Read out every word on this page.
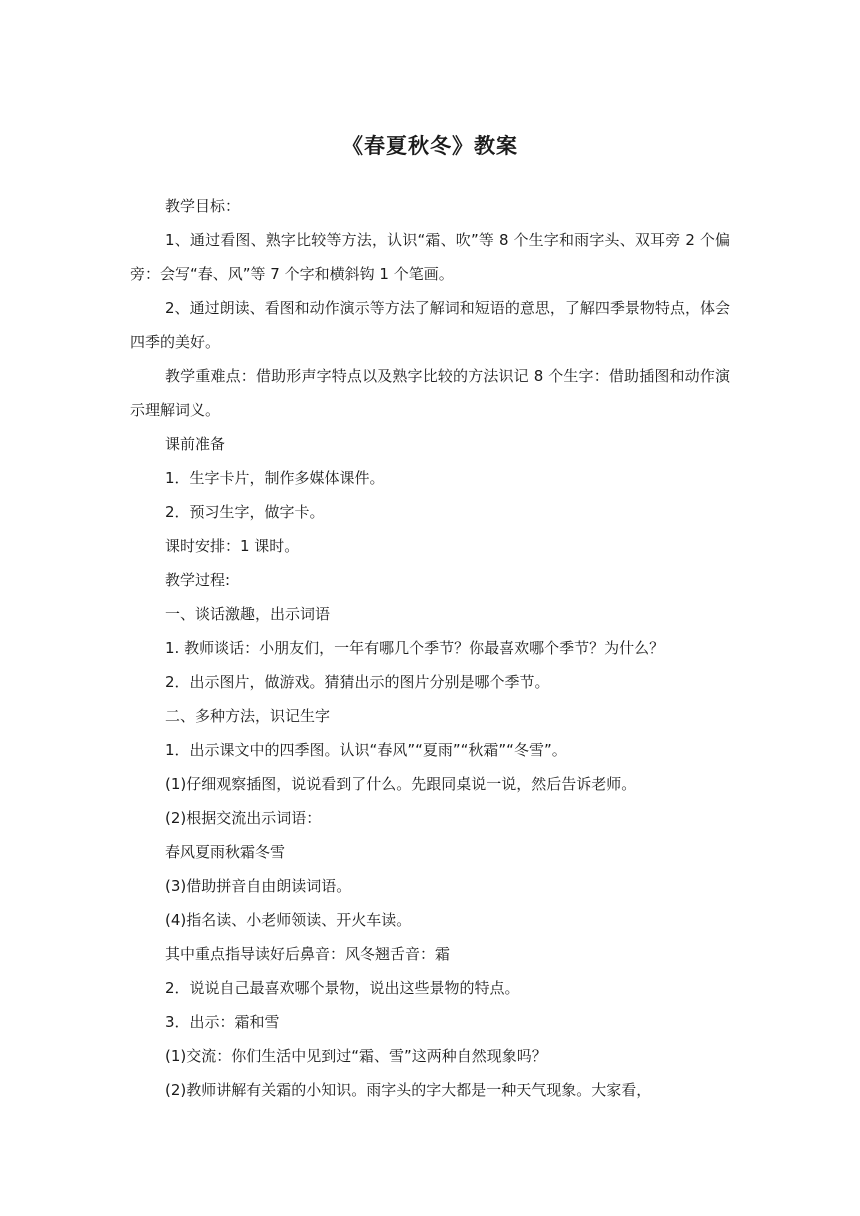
《春夏秋冬》教案

教学目标：

1、通过看图、熟字比较等方法，认识“霜、吹”等 8 个生字和雨字头、双耳旁 2 个偏旁：会写“春、风”等 7 个字和横斜钩 1 个笔画。

2、通过朗读、看图和动作演示等方法了解词和短语的意思，了解四季景物特点，体会四季的美好。

教学重难点：借助形声字特点以及熟字比较的方法识记 8 个生字：借助插图和动作演示理解词义。

课前准备

1．生字卡片，制作多媒体课件。

2．预习生字，做字卡。

课时安排：1 课时。

教学过程:

一、谈话激趣，出示词语

1. 教师谈话：小朋友们，一年有哪几个季节？你最喜欢哪个季节？为什么？

2．出示图片，做游戏。猜猜出示的图片分别是哪个季节。

二、多种方法，识记生字

1．出示课文中的四季图。认识“春风”“夏雨”“秋霜”“冬雪”。

(1)仔细观察插图，说说看到了什么。先跟同桌说一说，然后告诉老师。

(2)根据交流出示词语：

春风夏雨秋霜冬雪

(3)借助拼音自由朗读词语。

(4)指名读、小老师领读、开火车读。

其中重点指导读好后鼻音：风冬翘舌音：霜

2．说说自己最喜欢哪个景物，说出这些景物的特点。

3．出示：霜和雪

(1)交流：你们生活中见到过“霜、雪”这两种自然现象吗？

(2)教师讲解有关霜的小知识。雨字头的字大都是一种天气现象。大家看，
